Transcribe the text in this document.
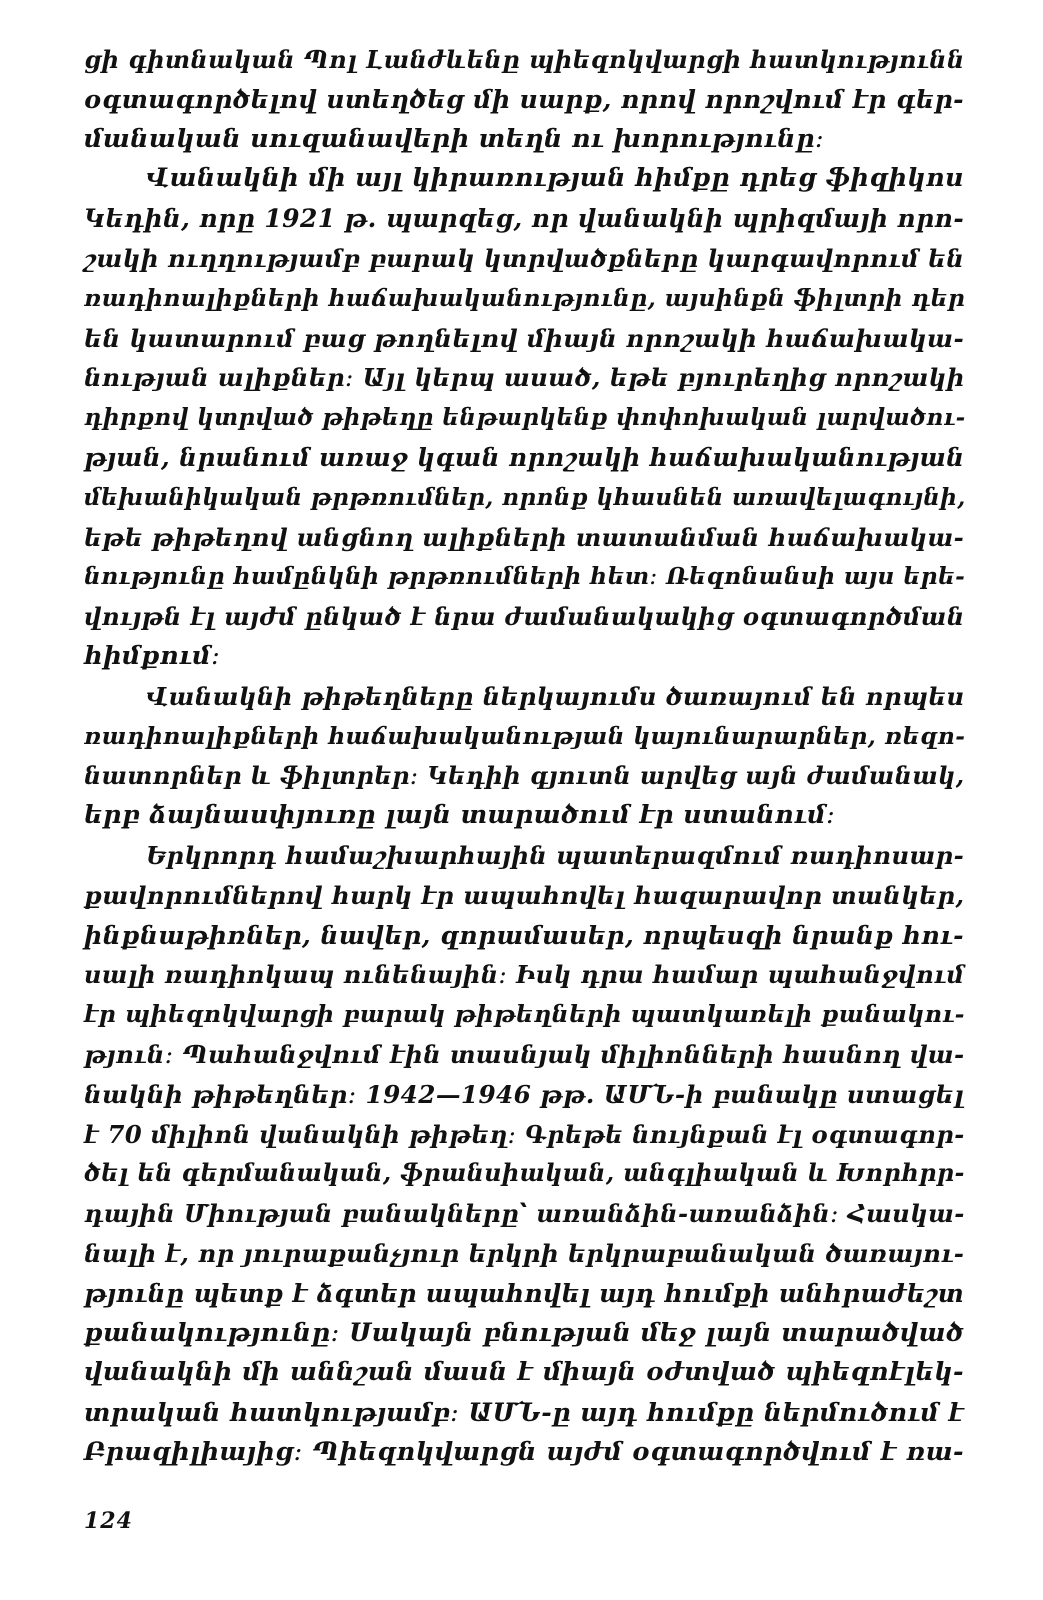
ցի գիտնական Պոլ Լանժևենը պիեզոկվարցի հատկությունն
օգտագործելով ստեղծեց մի սարք, որով որոշվում էր գեր-
մանական սուզանավերի տեղն ու խորությունը։
Վանակնի մի այլ կիրառության հիմքը դրեց ֆիզիկոս
Կեդին, որը 1921 թ. պարզեց, որ վանակնի պրիզմայի որո-
շակի ուղղությամբ բարակ կտրվածքները կարգավորում են
ռադիոալիքների հաճախականությունը, այսինքն ֆիլտրի դեր
են կատարում բաց թողնելով միայն որոշակի հաճախակա-
նության ալիքներ։ Այլ կերպ ասած, եթե բյուրեղից որոշակի
դիրքով կտրված թիթեղը ենթարկենք փոփոխական լարվածու-
թյան, նրանում առաջ կգան որոշակի հաճախականության
մեխանիկական թրթռումներ, որոնք կհասնեն առավելագույնի,
եթե թիթեղով անցնող ալիքների տատանման հաճախակա-
նությունը համընկնի թրթռումների հետ։ Ռեզոնանսի այս երե-
վույթն էլ այժմ ընկած է նրա ժամանակակից օգտագործման
հիմքում։
Վանակնի թիթեղները ներկայումս ծառայում են որպես
ռադիոալիքների հաճախականության կայունարարներ, ռեզո-
նատորներ և ֆիլտրեր։ Կեդիի գյուտն արվեց այն ժամանակ,
երբ ձայնասփյուռը լայն տարածում էր ստանում։
Երկրորդ համաշխարհային պատերազմում ռադիոսար-
քավորումներով հարկ էր ապահովել հազարավոր տանկեր,
ինքնաթիռներ, նավեր, զորամասեր, որպեսզի նրանք հու-
սալի ռադիոկապ ունենային։ Իսկ դրա համար պահանջվում
էր պիեզոկվարցի բարակ թիթեղների պատկառելի քանակու-
թյուն։ Պահանջվում էին տասնյակ միլիոնների հասնող վա-
նակնի թիթեղներ։ 1942—1946 թթ. ԱՄՆ-ի բանակը ստացել
է 70 միլիոն վանակնի թիթեղ։ Գրեթե նույնքան էլ օգտագոր-
ծել են գերմանական, ֆրանսիական, անգլիական և Խորհրր-
դային Միության բանակները՝ առանձին-առանձին։ Հասկա-
նալի է, որ յուրաքանչյուր երկրի երկրաբանական ծառայու-
թյունը պետք է ձգտեր ապահովել այդ հումքի անհրաժեշտ
քանակությունը։ Սակայն բնության մեջ լայն տարածված
վանակնի մի աննշան մասն է միայն օժտված պիեզոէլեկ-
տրական հատկությամբ։ ԱՄՆ-ը այդ հումքը ներմուծում է
Բրազիլիայից։ Պիեզոկվարցն այժմ օգտագործվում է ռա-
124
